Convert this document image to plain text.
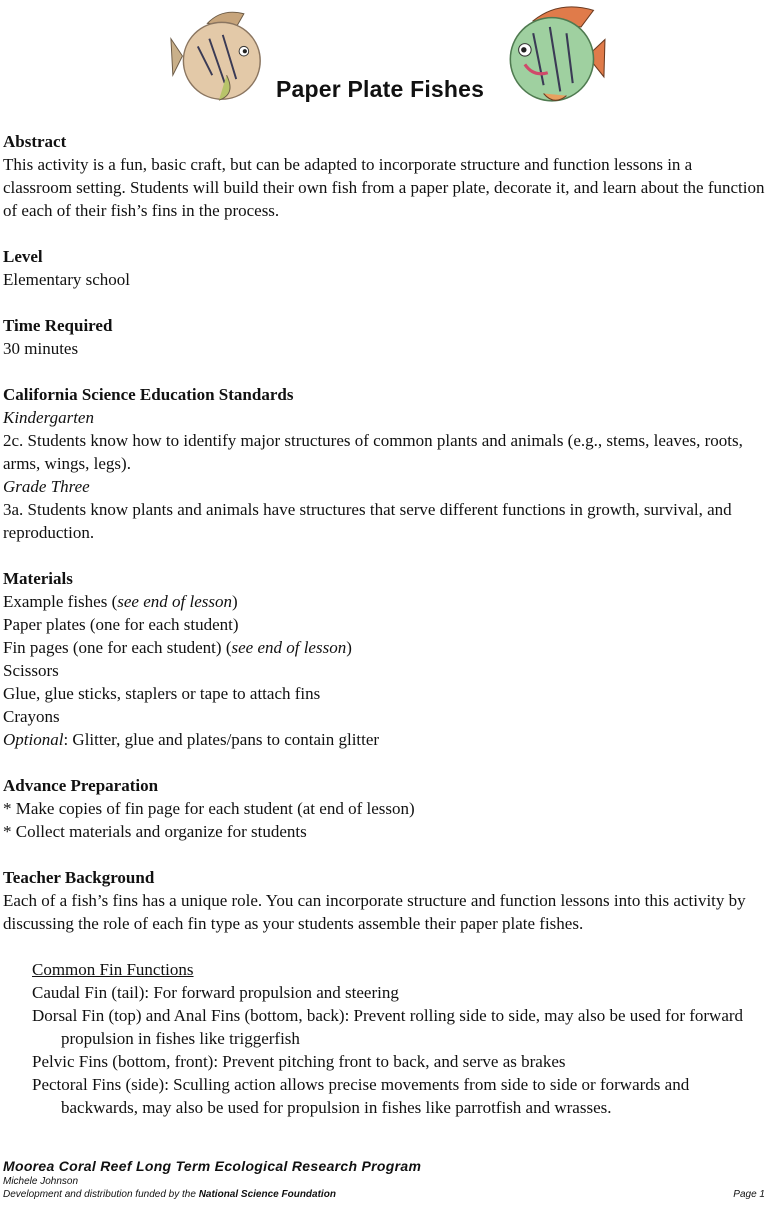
Paper Plate Fishes
Abstract
This activity is a fun, basic craft, but can be adapted to incorporate structure and function lessons in a classroom setting. Students will build their own fish from a paper plate, decorate it, and learn about the function of each of their fish’s fins in the process.
Level
Elementary school
Time Required
30 minutes
California Science Education Standards
Kindergarten
2c. Students know how to identify major structures of common plants and animals (e.g., stems, leaves, roots, arms, wings, legs).
Grade Three
3a. Students know plants and animals have structures that serve different functions in growth, survival, and reproduction.
Materials
Example fishes (see end of lesson)
Paper plates (one for each student)
Fin pages (one for each student) (see end of lesson)
Scissors
Glue, glue sticks, staplers or tape to attach fins
Crayons
Optional: Glitter, glue and plates/pans to contain glitter
Advance Preparation
* Make copies of fin page for each student (at end of lesson)
* Collect materials and organize for students
Teacher Background
Each of a fish’s fins has a unique role. You can incorporate structure and function lessons into this activity by discussing the role of each fin type as your students assemble their paper plate fishes.
Common Fin Functions
Caudal Fin (tail): For forward propulsion and steering
Dorsal Fin (top) and Anal Fins (bottom, back): Prevent rolling side to side, may also be used for forward propulsion in fishes like triggerfish
Pelvic Fins (bottom, front): Prevent pitching front to back, and serve as brakes
Pectoral Fins (side): Sculling action allows precise movements from side to side or forwards and backwards, may also be used for propulsion in fishes like parrotfish and wrasses.
Moorea Coral Reef Long Term Ecological Research Program
Michele Johnson
Development and distribution funded by the National Science Foundation	Page 1
